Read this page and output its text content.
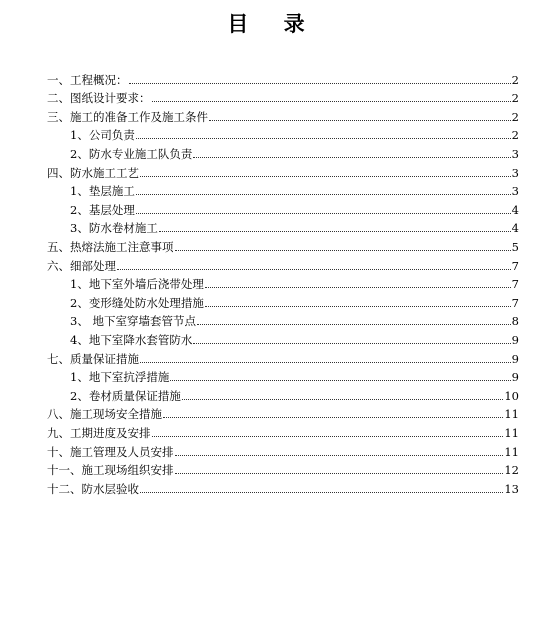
目 录
一、工程概况：	2
二、图纸设计要求：	2
三、施工的准备工作及施工条件	2
1、公司负责	2
2、防水专业施工队负责	3
四、防水施工工艺	3
1、垫层施工	3
2、基层处理	4
3、防水卷材施工	4
五、热熔法施工注意事项	5
六、细部处理	7
1、地下室外墙后浇带处理	7
2、变形缝处防水处理措施	7
3、 地下室穿墙套管节点	8
4、地下室降水套管防水	9
七、质量保证措施	9
1、地下室抗浮措施	9
2、卷材质量保证措施	10
八、施工现场安全措施	11
九、工期进度及安排	11
十、施工管理及人员安排	11
十一、施工现场组织安排	12
十二、防水层验收	13
